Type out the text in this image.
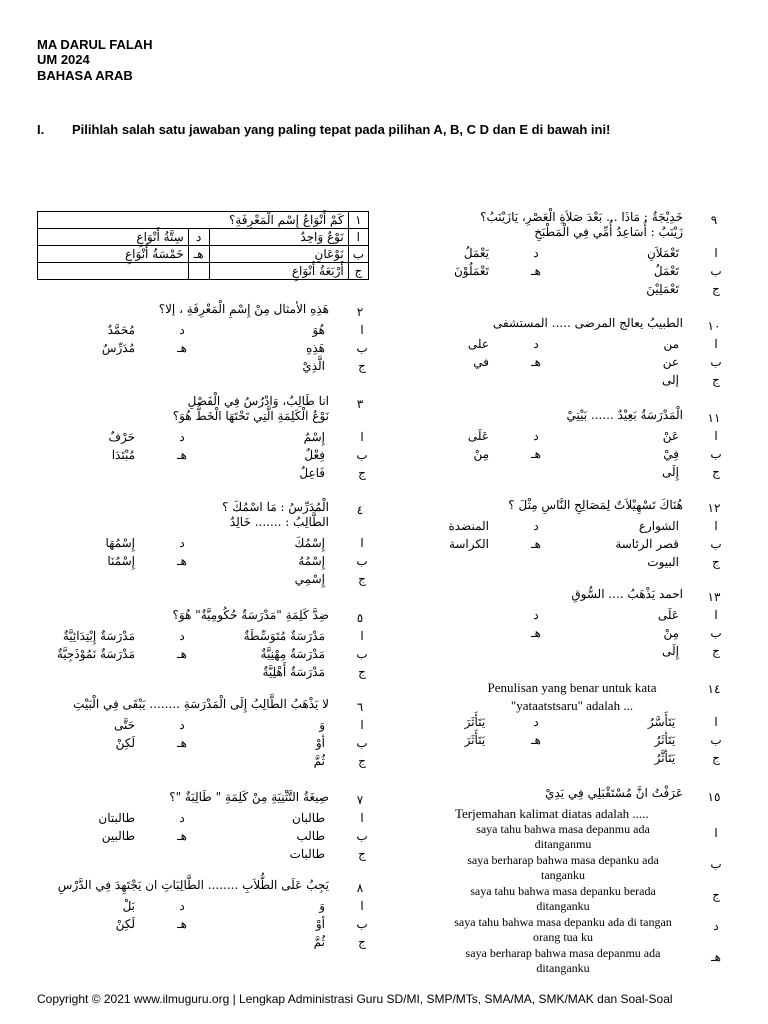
MA DARUL FALAH
UM 2024
BAHASA ARAB
I. Pilihlah salah satu jawaban yang paling tepat pada pilihan A, B, C D dan E di bawah ini!
١	كَمْ أَنْوَاعُ إِسْمِ الْمَعْرِفَةِ؟		
ا	نَوْعٌ وَاحِدٌ	د	سِتَّةُ أَنْوَاعٍ
ب	نَوْعَانِ	هـ	خَمْسَةُ أَنْوَاعٍ
ج	أَرْبَعَةُ أَنْوَاعٍ		
٢
هَذِهِ الأمثال مِنْ إِسْمِ الْمَعْرِفَةِ ، إلا؟
اهُوَ
دمُحَمَّدٌ
بهَذِهِ
هـمُدَرِّسٌ
جالَّذِيْ
٣
انا طَالِبٌ، وَادْرُسُ فِي الْفَصْلِ
نَوْعُ الْكَلِمَةِ الَّتِي تَحْتَهَا الْخَطُّ هُوَ؟
اإِسْمٌ
دحَرْفٌ
بفِعْلٌ
هـمُبْتَدَا
جفَاعِلٌ
٤
الْمُدَرِّسُ : مَا اسْمُكَ ؟
الطَّالِبُ : ....... خَالِدٌ
اإِسْمُكَ
دإِسْمُهَا
بإِسْمُهُ
هـإِسْمُنَا
جإِسْمِي
٥
ضِدَّ كَلِمَةِ "مَدْرَسَةٌ حُكُومِيَّةٌ" هُوَ؟
امَدْرَسَةٌ مُتَوَسِّطَةٌ
دمَدْرَسَةٌ إِبْتِدَائِيَّةٌ
بمَدْرَسَةٌ مِهْنِيَّةٌ
هـمَدْرَسَةٌ نَمُوْذَجِيَّةٌ
جمَدْرَسَةٌ أَهْلِيَّةٌ
٦
لا يَذْهَبُ الطَّالِبُ إِلَى الْمَدْرَسَةِ ........ يَبْقَى فِي الْبَيْتِ
اوَ
دحَتَّى
بأوْ
هـلَكِنْ
جثُمَّ
٧
صِيغَةُ التَّثْنِيَةِ مِنْ كَلِمَةِ " طَالِبَةٌ "؟
اطالبان
دطالبتان
بطالب
هـطالبين
جطالبات
٨
يَجِبُ عَلَى الطُّلاَبِ ........ الطَّالِبَاتِ ان يَجْتَهِدَ فِي الدَّرْسِ
اوَ
دبَلْ
بأوْ
هـلَكِنْ
جثُمَّ
٩
خَدِيْجَةُ : مَاذَا ... بَعْدَ صَلاَةِ الْعَصْرِ، يَازَيْنَبُ؟
زَيْنَبُ : أُسَاعِدُ أُمِّي فِي الْمَطْبَخِ
اتَعْمَلاَنِ
ديَعْمَلُ
بتَعْمَلُ
هـتَعْمَلُوْنَ
جتَعْمَلِيْنَ
١٠
الطبيبُ يعالج المرضى ..... المستشفى
امن
دعلى
بعن
هـفي
جإلى
١١
الْمَدْرَسَةُ بَعِيْدٌ ...... بَيْتِيْ
اعَنْ
دعَلَى
بفِيْ
هـمِنْ
جإِلَى
١٢
هُنَاكَ تَسْهِيْلاَتٌ لِمَصَالِحِ النَّاسِ مِثْلَ ؟
االشوارع
دالمنضدة
بقصر الرئاسة
هـالكراسة
جالبيوت
١٣
احمد يَذْهَبُ .... السُّوقِ
اعَلَى
د
بمِنْ
هـ
جإِلَى
١٤
Penulisan yang benar untuk kata
"yataatstsaru" adalah ...
ا يَتَأَسَّرُ
د يَتَأَثَرَ
ب يَتَأثَرُ
هـ يَتَأَثَرَ
ج يَتَأثَّرُ
١٥
عَرَفْتُ انَّ مُسْتَقْبَلِي فِي يَدِيْ
Terjemahan kalimat diatas adalah .....
ا
saya tahu bahwa masa depanmu ada
ditanganmu
ب
saya berharap bahwa masa depanku ada
tanganku
ج
saya tahu bahwa masa depanku berada
ditanganku
د
saya tahu bahwa masa depanku ada di tangan
orang tua ku
هـ
saya berharap bahwa masa depanmu ada
ditanganku
Copyright © 2021 www.ilmuguru.org | Lengkap Administrasi Guru SD/MI, SMP/MTs, SMA/MA, SMK/MAK dan Soal-Soal
